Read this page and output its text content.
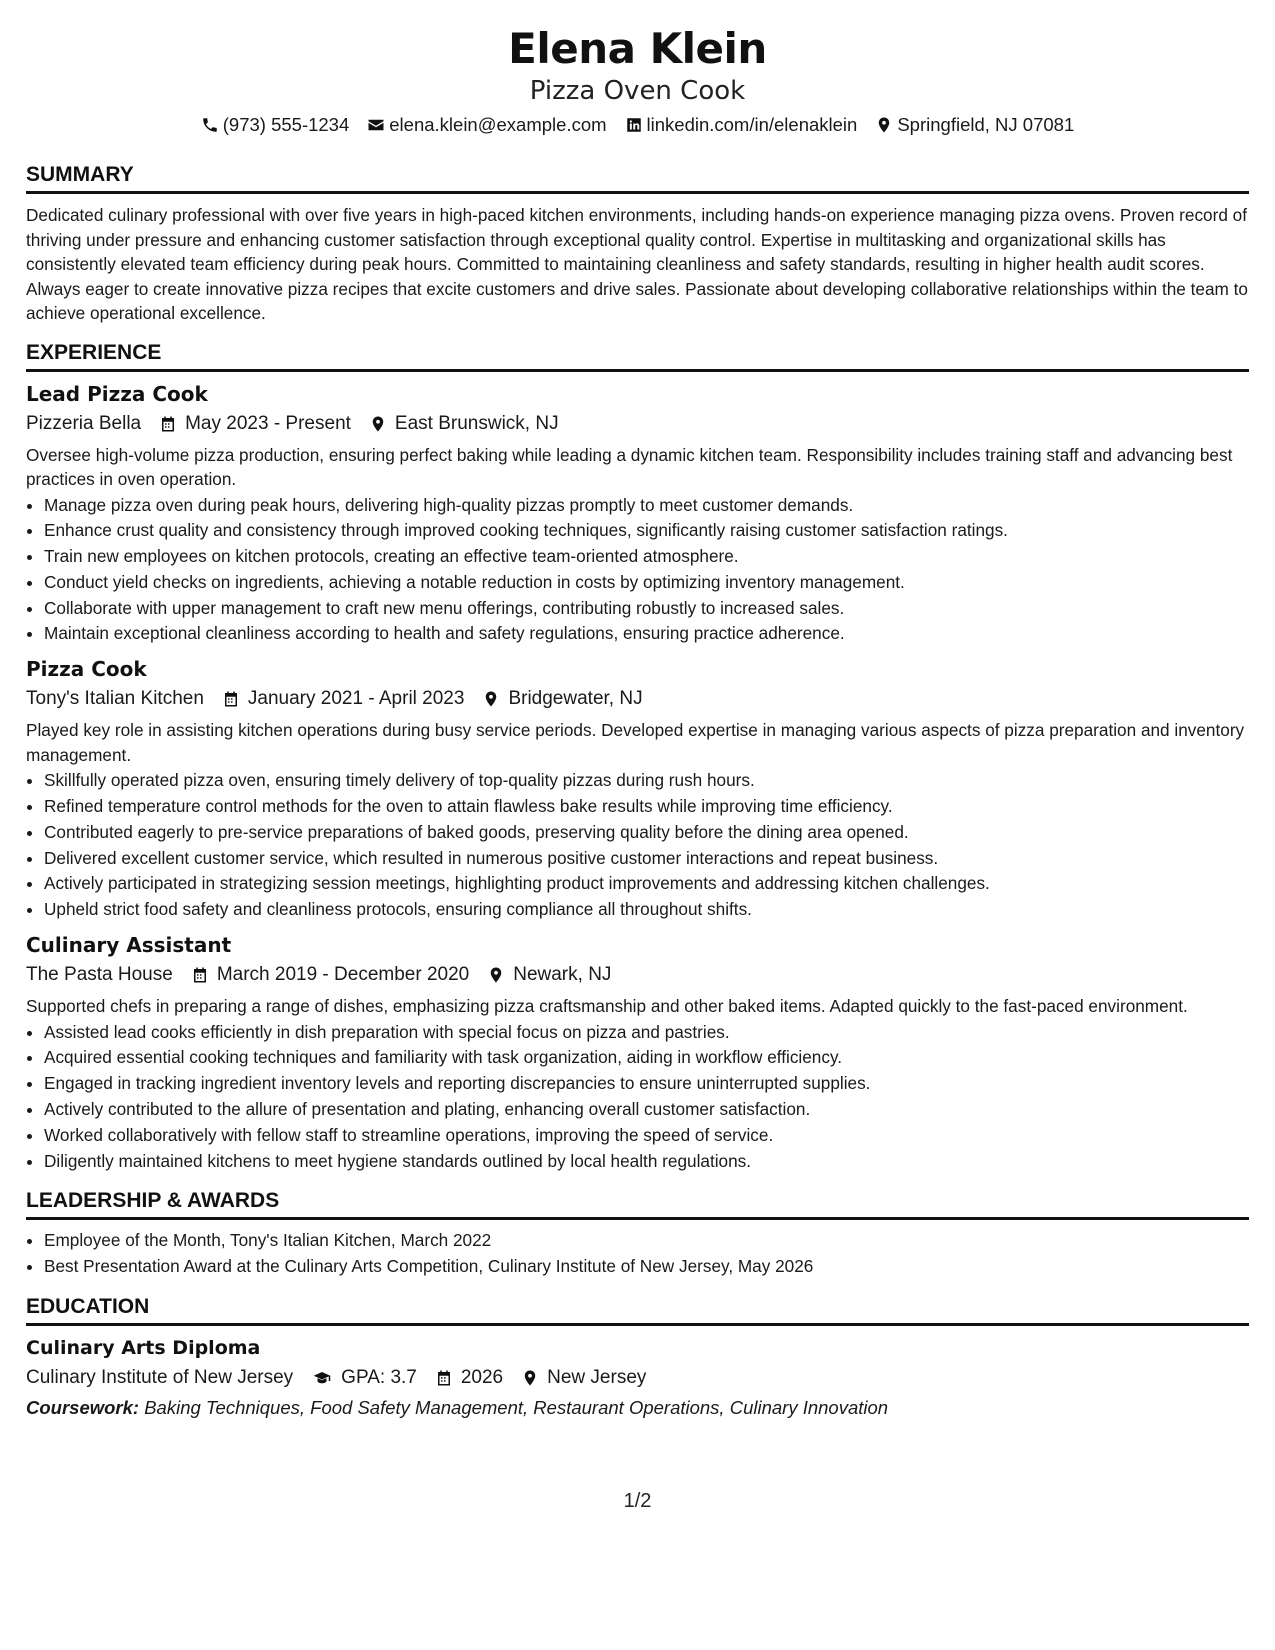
Elena Klein
Pizza Oven Cook
(973) 555-1234 elena.klein@example.com linkedin.com/in/elenaklein Springfield, NJ 07081
SUMMARY
Dedicated culinary professional with over five years in high-paced kitchen environments, including hands-on experience managing pizza ovens. Proven record of thriving under pressure and enhancing customer satisfaction through exceptional quality control. Expertise in multitasking and organizational skills has consistently elevated team efficiency during peak hours. Committed to maintaining cleanliness and safety standards, resulting in higher health audit scores. Always eager to create innovative pizza recipes that excite customers and drive sales. Passionate about developing collaborative relationships within the team to achieve operational excellence.
EXPERIENCE
Lead Pizza Cook
Pizzeria Bella May 2023 - Present East Brunswick, NJ
Oversee high-volume pizza production, ensuring perfect baking while leading a dynamic kitchen team. Responsibility includes training staff and advancing best practices in oven operation.
• Manage pizza oven during peak hours, delivering high-quality pizzas promptly to meet customer demands.
• Enhance crust quality and consistency through improved cooking techniques, significantly raising customer satisfaction ratings.
• Train new employees on kitchen protocols, creating an effective team-oriented atmosphere.
• Conduct yield checks on ingredients, achieving a notable reduction in costs by optimizing inventory management.
• Collaborate with upper management to craft new menu offerings, contributing robustly to increased sales.
• Maintain exceptional cleanliness according to health and safety regulations, ensuring practice adherence.
Pizza Cook
Tony's Italian Kitchen January 2021 - April 2023 Bridgewater, NJ
Played key role in assisting kitchen operations during busy service periods. Developed expertise in managing various aspects of pizza preparation and inventory management.
• Skillfully operated pizza oven, ensuring timely delivery of top-quality pizzas during rush hours.
• Refined temperature control methods for the oven to attain flawless bake results while improving time efficiency.
• Contributed eagerly to pre-service preparations of baked goods, preserving quality before the dining area opened.
• Delivered excellent customer service, which resulted in numerous positive customer interactions and repeat business.
• Actively participated in strategizing session meetings, highlighting product improvements and addressing kitchen challenges.
• Upheld strict food safety and cleanliness protocols, ensuring compliance all throughout shifts.
Culinary Assistant
The Pasta House March 2019 - December 2020 Newark, NJ
Supported chefs in preparing a range of dishes, emphasizing pizza craftsmanship and other baked items. Adapted quickly to the fast-paced environment.
• Assisted lead cooks efficiently in dish preparation with special focus on pizza and pastries.
• Acquired essential cooking techniques and familiarity with task organization, aiding in workflow efficiency.
• Engaged in tracking ingredient inventory levels and reporting discrepancies to ensure uninterrupted supplies.
• Actively contributed to the allure of presentation and plating, enhancing overall customer satisfaction.
• Worked collaboratively with fellow staff to streamline operations, improving the speed of service.
• Diligently maintained kitchens to meet hygiene standards outlined by local health regulations.
LEADERSHIP & AWARDS
• Employee of the Month, Tony's Italian Kitchen, March 2022
• Best Presentation Award at the Culinary Arts Competition, Culinary Institute of New Jersey, May 2026
EDUCATION
Culinary Arts Diploma
Culinary Institute of New Jersey	GPA: 3.7 2026 New Jersey
Coursework: Baking Techniques, Food Safety Management, Restaurant Operations, Culinary Innovation
1/2
